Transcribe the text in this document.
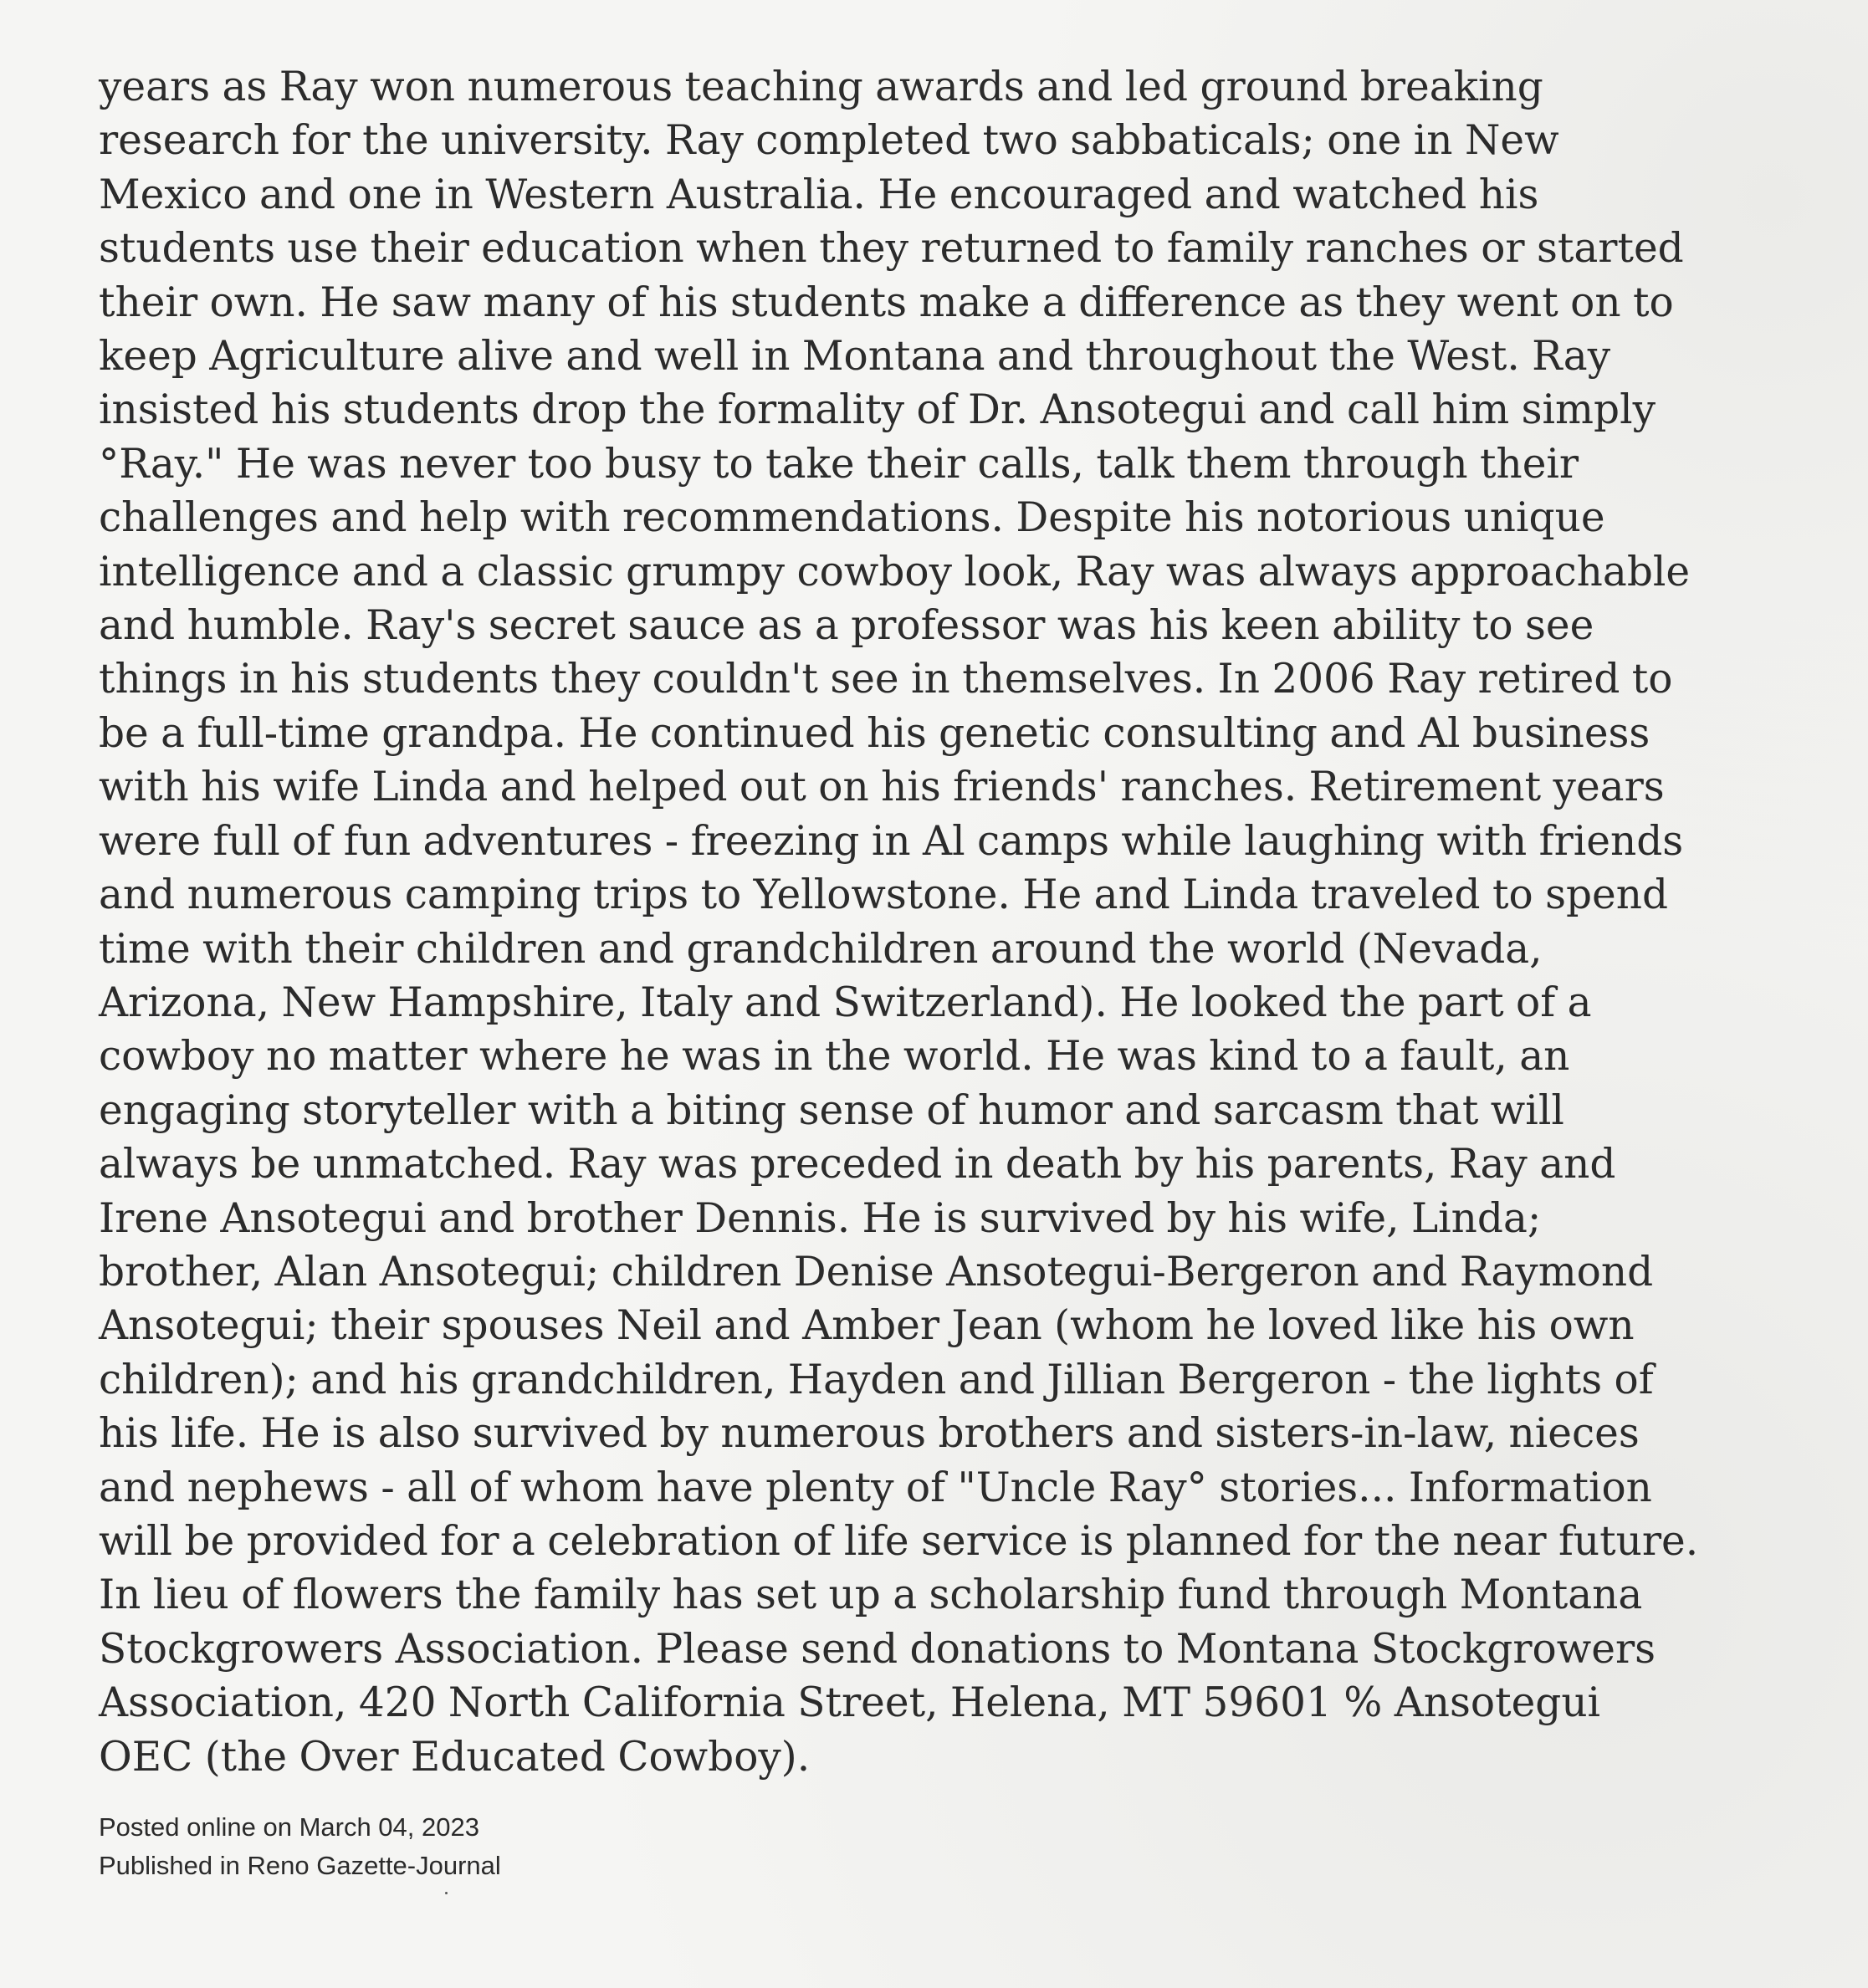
years as Ray won numerous teaching awards and led ground breaking
research for the university. Ray completed two sabbaticals; one in New
Mexico and one in Western Australia. He encouraged and watched his
students use their education when they returned to family ranches or started
their own. He saw many of his students make a difference as they went on to
keep Agriculture alive and well in Montana and throughout the West. Ray
insisted his students drop the formality of Dr. Ansotegui and call him simply
°Ray." He was never too busy to take their calls, talk them through their
challenges and help with recommendations. Despite his notorious unique
intelligence and a classic grumpy cowboy look, Ray was always approachable
and humble. Ray's secret sauce as a professor was his keen ability to see
things in his students they couldn't see in themselves. In 2006 Ray retired to
be a full-time grandpa. He continued his genetic consulting and Al business
with his wife Linda and helped out on his friends' ranches. Retirement years
were full of fun adventures - freezing in Al camps while laughing with friends
and numerous camping trips to Yellowstone. He and Linda traveled to spend
time with their children and grandchildren around the world (Nevada,
Arizona, New Hampshire, Italy and Switzerland). He looked the part of a
cowboy no matter where he was in the world. He was kind to a fault, an
engaging storyteller with a biting sense of humor and sarcasm that will
always be unmatched. Ray was preceded in death by his parents, Ray and
Irene Ansotegui and brother Dennis. He is survived by his wife, Linda;
brother, Alan Ansotegui; children Denise Ansotegui-Bergeron and Raymond
Ansotegui; their spouses Neil and Amber Jean (whom he loved like his own
children); and his grandchildren, Hayden and Jillian Bergeron - the lights of
his life. He is also survived by numerous brothers and sisters-in-law, nieces
and nephews - all of whom have plenty of "Uncle Ray° stories... Information
will be provided for a celebration of life service is planned for the near future.
In lieu of flowers the family has set up a scholarship fund through Montana
Stockgrowers Association. Please send donations to Montana Stockgrowers
Association, 420 North California Street, Helena, MT 59601 % Ansotegui
OEC (the Over Educated Cowboy).
Posted online on March 04, 2023
Published in Reno Gazette-Journal
